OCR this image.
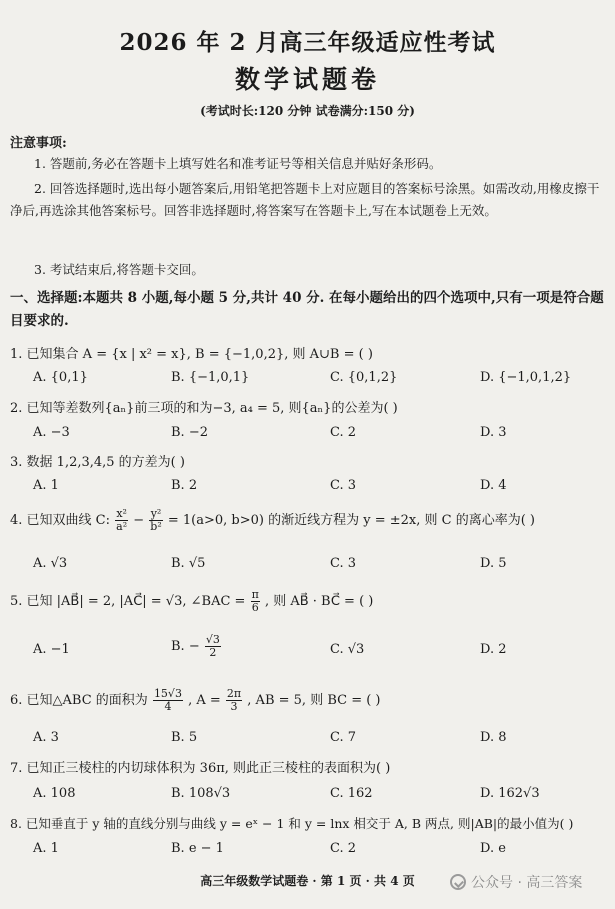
2026 年 2 月高三年级适应性考试
数学试题卷
(考试时长:120 分钟 试卷满分:150 分)
注意事项:
1. 答题前,务必在答题卡上填写姓名和准考证号等相关信息并贴好条形码。
2. 回答选择题时,选出每小题答案后,用铅笔把答题卡上对应题目的答案标号涂黑。如需改动,用橡皮擦干净后,再选涂其他答案标号。回答非选择题时,将答案写在答题卡上,写在本试题卷上无效。
3. 考试结束后,将答题卡交回。
一、选择题:本题共 8 小题,每小题 5 分,共计 40 分. 在每小题给出的四个选项中,只有一项是符合题目要求的.
1. 已知集合 A = {x | x² = x}, B = {−1,0,2}, 则 A∪B = ( )
A. {0,1}	B. {−1,0,1}	C. {0,1,2}	D. {−1,0,1,2}
2. 已知等差数列{aₙ}前三项的和为−3, a₄ = 5, 则{aₙ}的公差为( )
A. −3	B. −2	C. 2	D. 3
3. 数据 1,2,3,4,5 的方差为( )
A. 1	B. 2	C. 3	D. 4
4. 已知双曲线 C: $\frac{\text{x²}}{\text{a²}} - \frac{\text{y²}}{\text{b²}} = 1(a>0$, b>0) 的渐近线方程为 y = ±2x, 则 C 的离心率为( )
A. √3	B. √5	C. 3	D. 5
5. 已知 |AB⃗| = 2, |AC⃗| = √3, ∠BAC = $\frac{\pi}{6}$ , 则 AB⃗ · BC⃗ = ( )
A. −1	B. − $\frac{√3}{2}$	C. √3	D. 2
6. 已知△ABC 的面积为 $\frac{15√3}{4}$ , $A = \frac{2\pi}{3}$ , AB = 5, 则 BC = ( )
A. 3	B. 5	C. 7	D. 8
7. 已知正三棱柱的内切球体积为 36π, 则此正三棱柱的表面积为( )
A. 108	B. 108√3	C. 162	D. 162√3
8. 已知垂直于 y 轴的直线分别与曲线 y = eˣ − 1 和 y = lnx 相交于 A, B 两点, 则|AB|的最小值为( )
A. 1	B. e − 1	C. 2	D. e
高三年级数学试题卷 · 第 1 页 · 共 4 页	公众号 · 高三答案
